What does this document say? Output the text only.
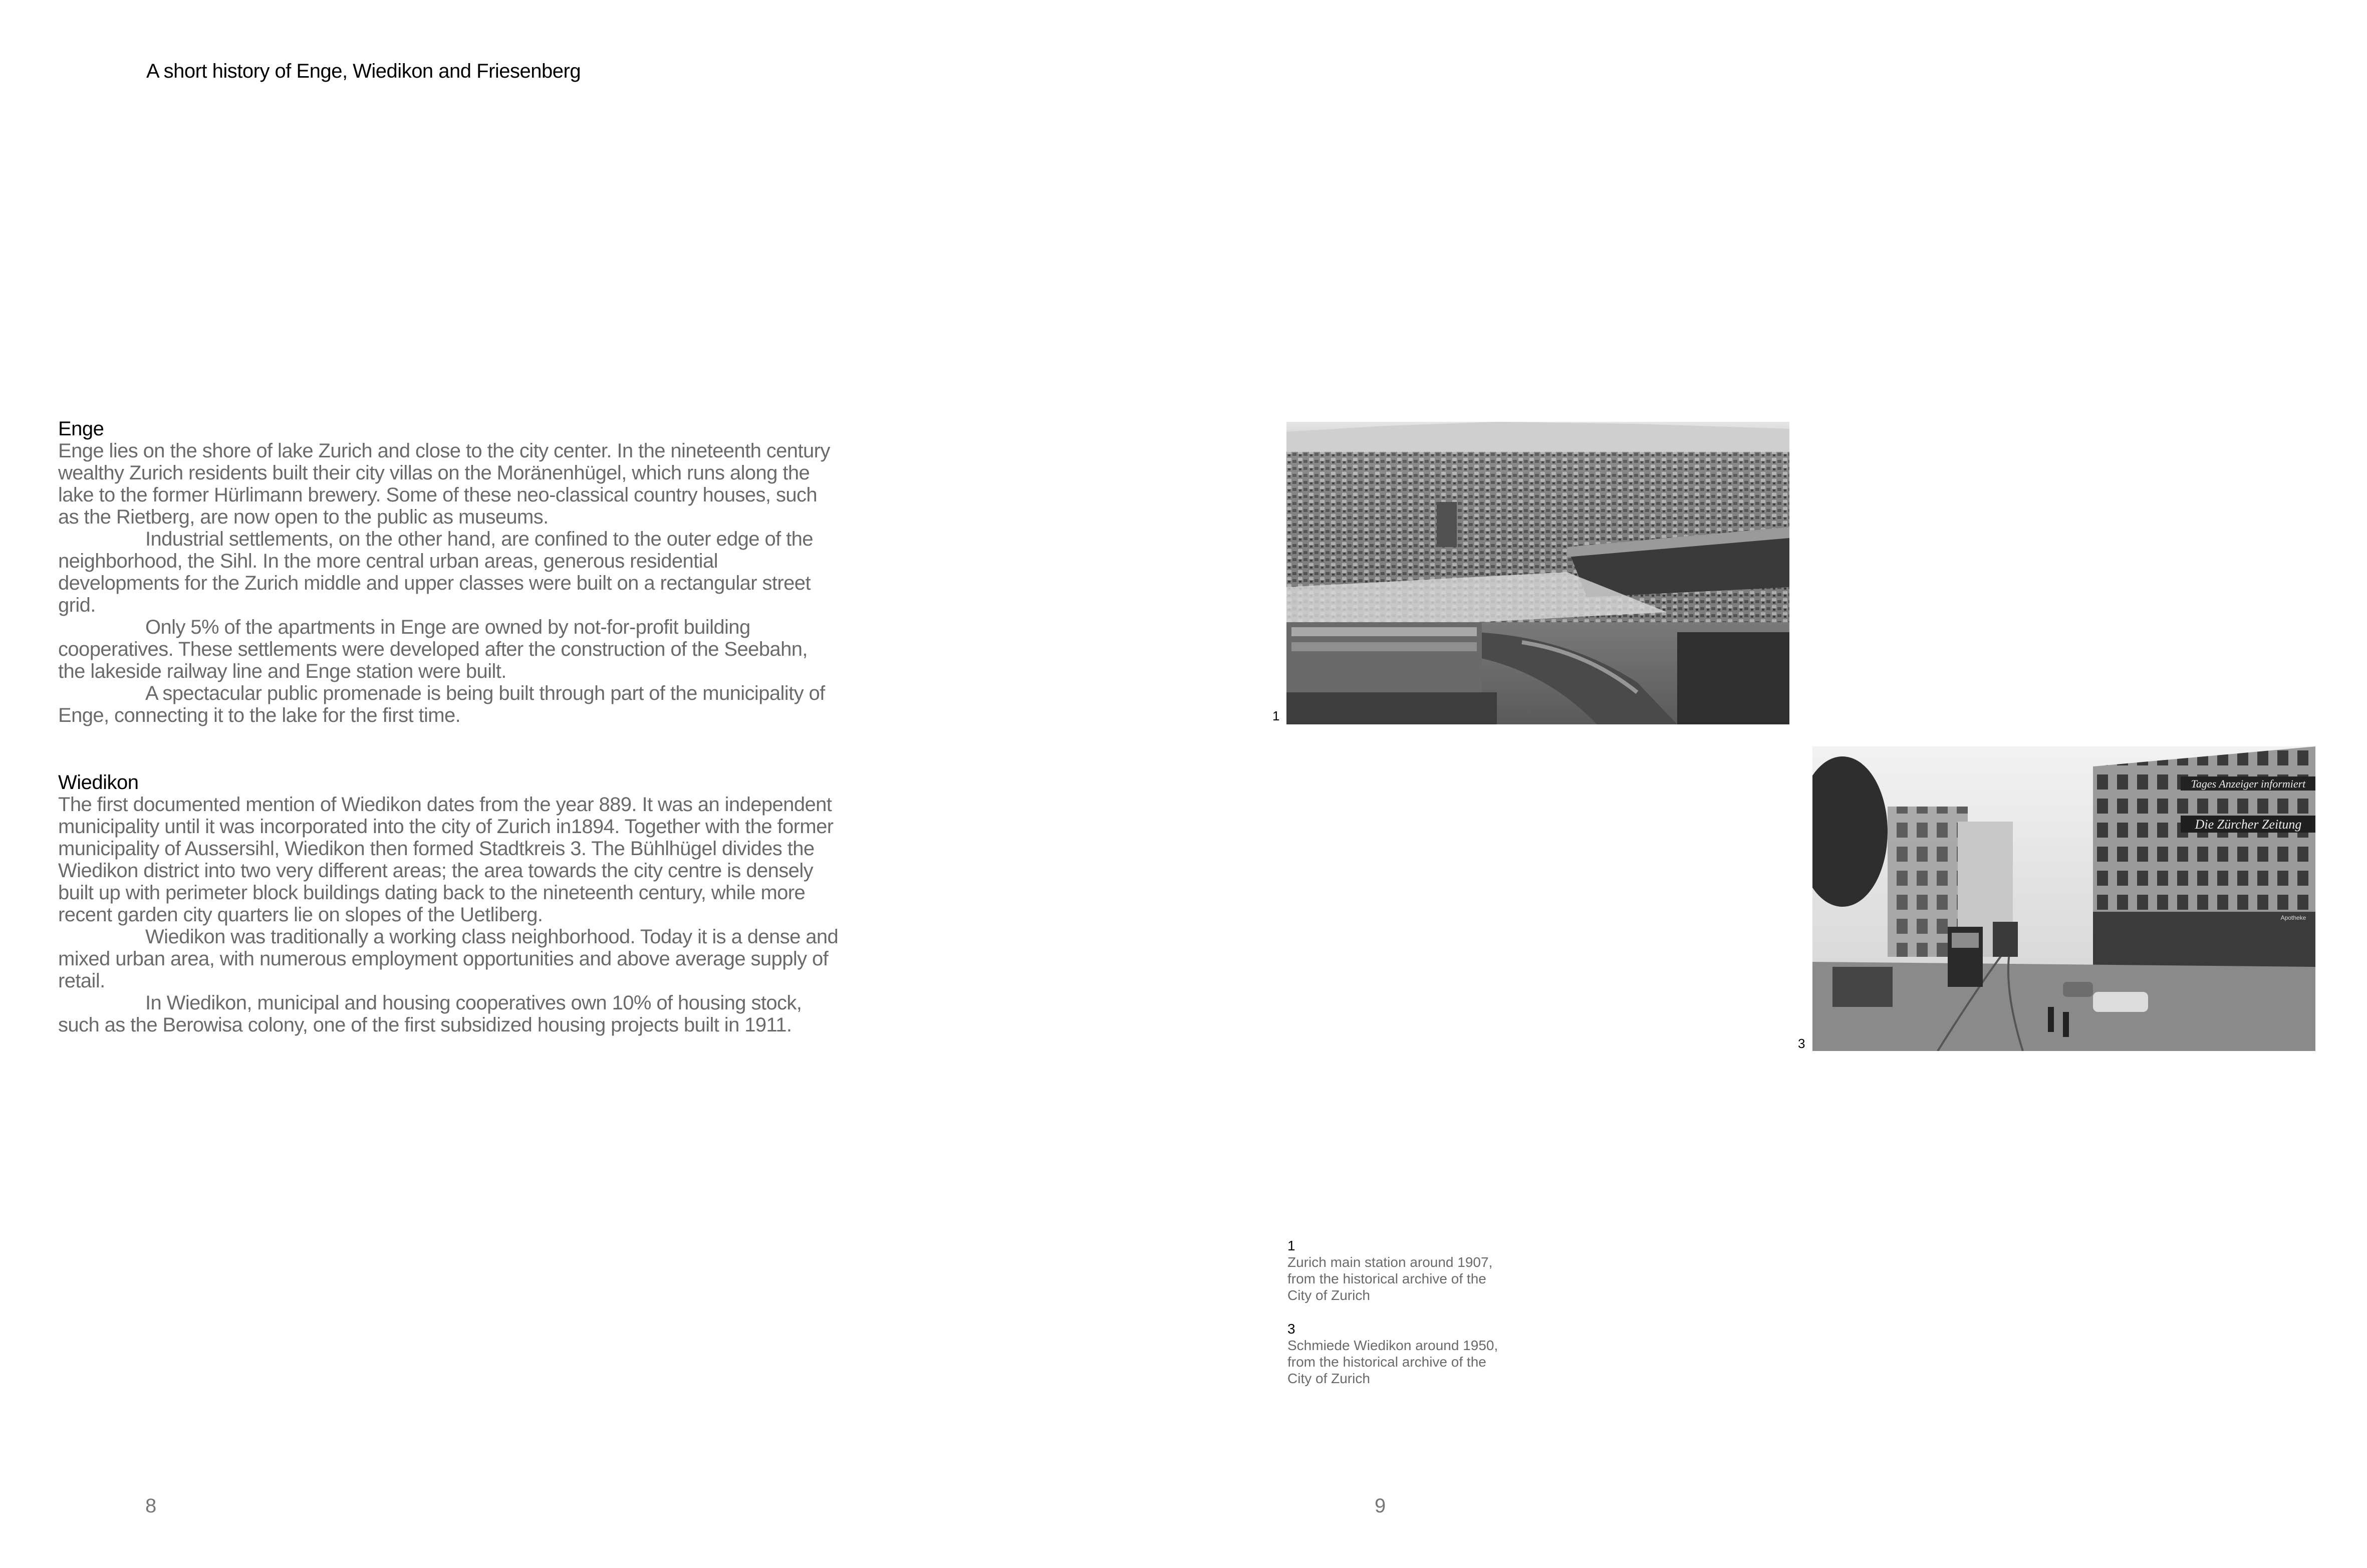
A short history of Enge, Wiedikon and Friesenberg
Enge

Enge lies on the shore of lake Zurich and close to the city center. In the nineteenth century wealthy Zurich residents built their city villas on the Moränenhügel, which runs along the lake to the former Hürlimann brewery. Some of these neo-classical country houses, such as the Rietberg, are now open to the public as museums.

Industrial settlements, on the other hand, are confined to the outer edge of the neighborhood, the Sihl. In the more central urban areas, generous residential developments for the Zurich middle and upper classes were built on a rectangular street grid.

Only 5% of the apartments in Enge are owned by not-for-profit building cooperatives. These settlements were developed after the construction of the Seebahn, the lakeside railway line and Enge station were built.

A spectacular public promenade is being built through part of the municipality of Enge, connecting it to the lake for the first time.

Wiedikon

The first documented mention of Wiedikon dates from the year 889. It was an independent municipality until it was incorporated into the city of Zurich in1894. Together with the former municipality of Aussersihl, Wiedikon then formed Stadtkreis 3. The Bühlhügel divides the Wiedikon district into two very different areas; the area towards the city centre is densely built up with perimeter block buildings dating back to the nineteenth century, while more recent garden city quarters lie on slopes of the Uetliberg.

Wiedikon was traditionally a working class neighborhood. Today it is a dense and mixed urban area, with numerous employment opportunities and above average supply of retail.

In Wiedikon, municipal and housing cooperatives own 10% of housing stock, such as the Berowisa colony, one of the first subsidized housing projects built in 1911.

1
Tages Anzeiger informiert
Die Zürcher Zeitung
Apotheke
3
1
Zurich main station around 1907,
from the historical archive of the
City of Zurich
3
Schmiede Wiedikon around 1950,
from the historical archive of the
City of Zurich
8	9
